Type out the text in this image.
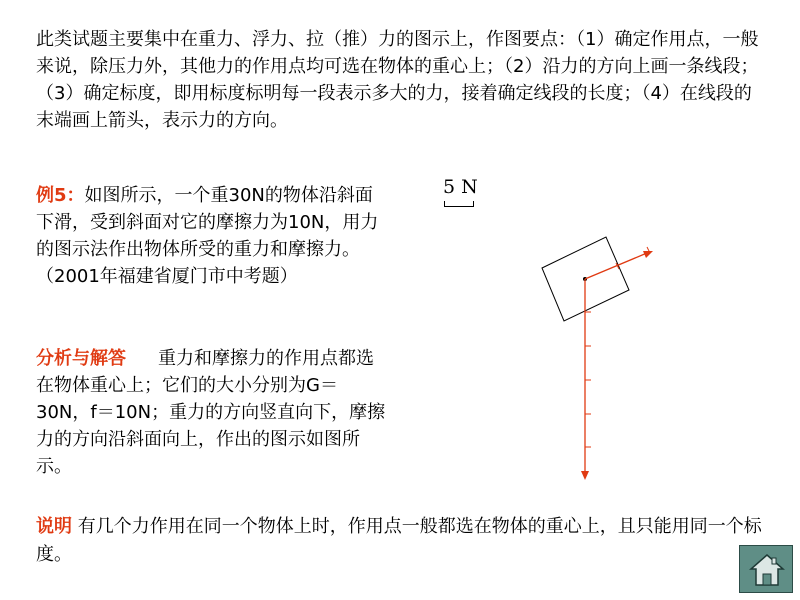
此类试题主要集中在重力、浮力、拉（推）力的图示上，作图要点：（1）确定作用点，一般来说，除压力外，其他力的作用点均可选在物体的重心上；（2）沿力的方向上画一条线段；（3）确定标度，即用标度标明每一段表示多大的力，接着确定线段的长度；（4）在线段的末端画上箭头，表示力的方向。
例5：如图所示，一个重30N的物体沿斜面下滑，受到斜面对它的摩擦力为10N，用力的图示法作出物体所受的重力和摩擦力。（2001年福建省厦门市中考题）
分析与解答 重力和摩擦力的作用点都选在物体重心上；它们的大小分别为G＝30N，f＝10N；重力的方向竖直向下，摩擦力的方向沿斜面向上，作出的图示如图所示。
说明 有几个力作用在同一个物体上时，作用点一般都选在物体的重心上，且只能用同一个标度。
5 N
